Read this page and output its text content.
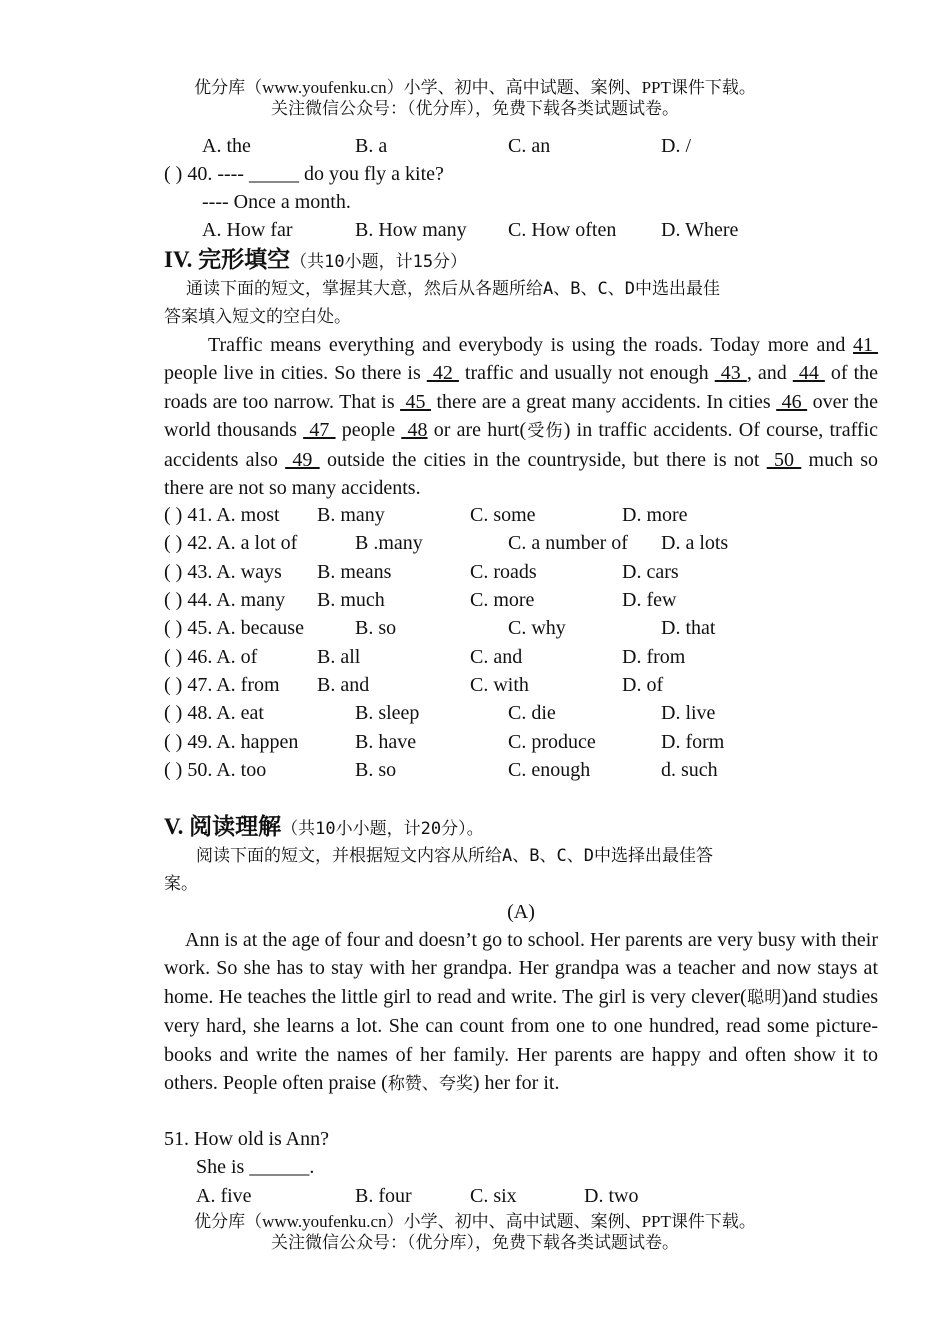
优分库（www.youfenku.cn）小学、初中、高中试题、案例、PPT课件下载。
关注微信公众号：（优分库），免费下载各类试题试卷。
A. the	B. a	C. an	D. /
( ) 40. ---- _____ do you fly a kite?
---- Once a month.
A. How far	B. How many C. How often D. Where
IV. 完形填空（共10小题，计15分）
通读下面的短文，掌握其大意，然后从各题所给A、B、C、D中选出最佳
答案填入短文的空白处。
Traffic means everything and everybody is using the roads. Today more and 41  people live in cities. So there is  42  traffic and usually not enough  43 , and  44  of the roads are too narrow. That is  45  there are a great many accidents. In cities  46  over the world thousands  47  people  48 or are hurt(受伤) in traffic accidents. Of course, traffic accidents also  49  outside the cities in the countryside, but there is not  50  much so there are not so many accidents.
( ) 41. A. most B. many	C. some	D. more
( ) 42. A. a lot of	B .many	C. a number of D. a lots
( ) 43. A. ways B. means	C. roads	D. cars
( ) 44. A. many B. much	C. more	D. few
( ) 45. A. because	B. so	C. why	D. that
( ) 46. A. of	B. all	C. and	D. from
( ) 47. A. from B. and	C. with	D. of
( ) 48. A. eat	B. sleep	C. die	D. live
( ) 49. A. happen	B. have	C. produce	D. form
( ) 50. A. too	B. so	C. enough	d. such
V. 阅读理解（共10小小题，计20分）。
阅读下面的短文，并根据短文内容从所给A、B、C、D中选择出最佳答
案。
(A)
Ann is at the age of four and doesn’t go to school. Her parents are very busy with their work. So she has to stay with her grandpa. Her grandpa was a teacher and now stays at home. He teaches the little girl to read and write. The girl is very clever(聪明)and studies very hard, she learns a lot. She can count from one to one hundred, read some picture-books and write the names of her family. Her parents are happy and often show it to others. People often praise (称赞、夸奖) her for it.
51. How old is Ann?
She is ______.
A. five	B. four	C. six	D. two
优分库（www.youfenku.cn）小学、初中、高中试题、案例、PPT课件下载。
关注微信公众号：（优分库），免费下载各类试题试卷。
